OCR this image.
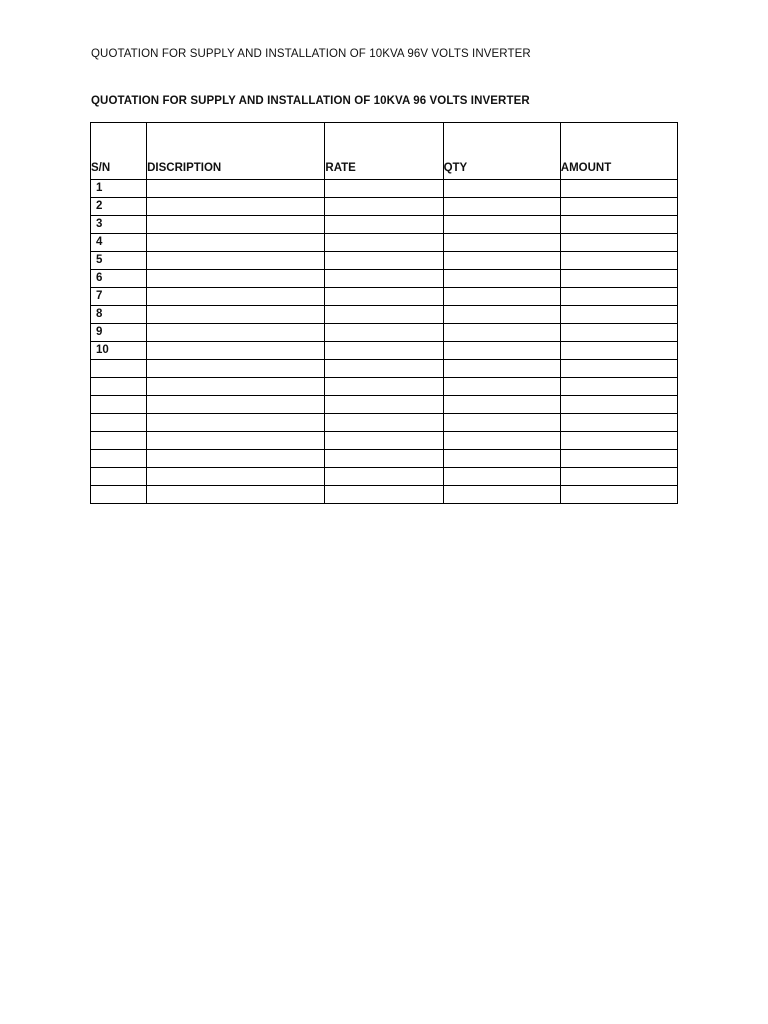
QUOTATION FOR SUPPLY AND INSTALLATION OF 10KVA 96V VOLTS INVERTER
QUOTATION FOR SUPPLY AND INSTALLATION OF 10KVA 96 VOLTS INVERTER
S/N	DISCRIPTION	RATE	QTY	AMOUNT
1				
2				
3				
4				
5				
6				
7				
8				
9				
10				
